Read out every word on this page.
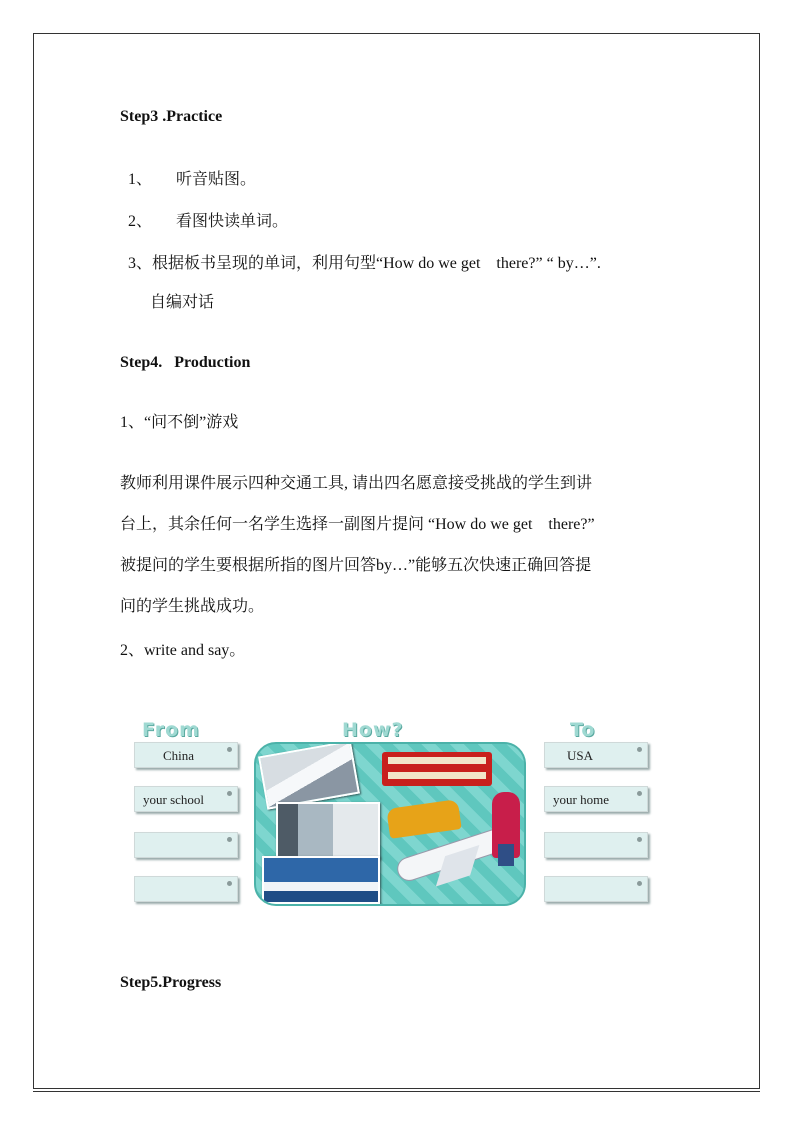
Step3 .Practice

1、 听音贴图。

2、 看图快读单词。

3、根据板书呈现的单词，利用句型“How do we get    there?” “ by…”.

自编对话
Step4.   Production
1、“问不倒”游戏
教师利用课件展示四种交通工具, 请出四名愿意接受挑战的学生到讲
台上，其余任何一名学生选择一副图片提问 “How do we get    there?”
被提问的学生要根据所指的图片回答by…”能够五次快速正确回答提
问的学生挑战成功。
2、write and say。
From	How?	To
China
your school
USA
your home
Step5.Progress
